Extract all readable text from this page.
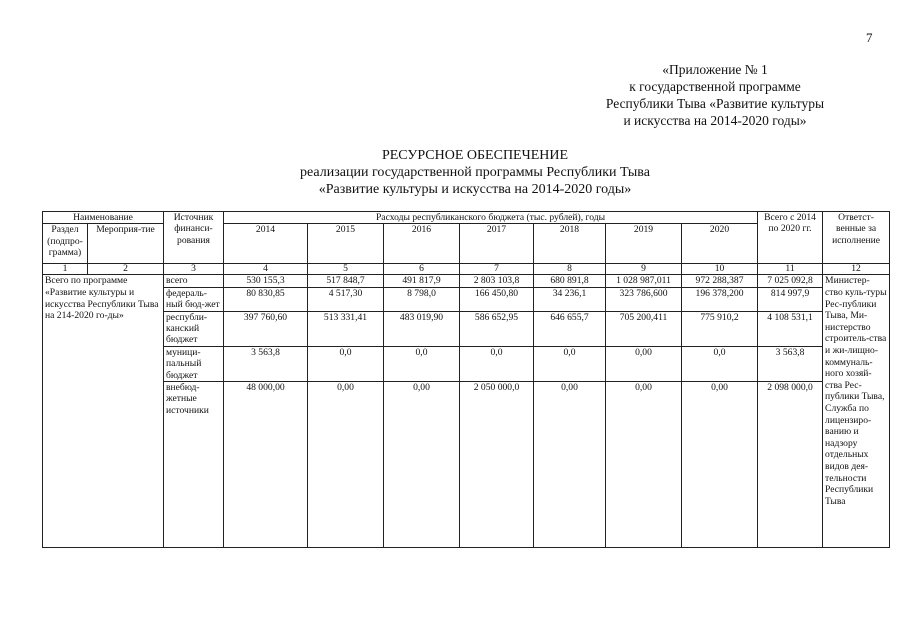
7
«Приложение № 1
к государственной программе
Республики Тыва «Развитие культуры
и искусства на 2014-2020 годы»
РЕСУРСНОЕ ОБЕСПЕЧЕНИЕ
реализации государственной программы Республики Тыва
«Развитие культуры и искусства на 2014-2020 годы»
Наименование		Источник финанси-рования	Расходы республиканского бюджета (тыс. рублей), годы							Всего с 2014 по 2020 гг.	Ответст-венные за исполнение
Раздел (подпро-грамма)	Мероприя-тие		2014	2015	2016	2017	2018	2019	2020		
1	2	3	4	5	6	7	8	9	10	11	12
Всего по программе «Развитие культуры и искусства Республики Тыва на 214-2020 го-ды»		всего	530 155,3	517 848,7	491 817,9	2 803 103,8	680 891,8	1 028 987,011	972 288,387	7 025 092,8	Министер-ство куль-туры Рес-публики Тыва, Ми-нистерство строитель-ства и жи-лищно-коммуналь-ного хозяй-ства Рес-публики Тыва, Служба по лицензиро-ванию и надзору отдельных видов дея-тельности Республики Тыва
		федераль-ный бюд-жет	80 830,85	4 517,30	8 798,0	166 450,80	34 236,1	323 786,600	196 378,200	814 997,9	
		республи-канский бюджет	397 760,60	513 331,41	483 019,90	586 652,95	646 655,7	705 200,411	775 910,2	4 108 531,1	
		муници-пальный бюджет	3 563,8	0,0	0,0	0,0	0,0	0,00	0,0	3 563,8	
		внебюд-жетные источники	48 000,00	0,00	0,00	2 050 000,0	0,00	0,00	0,00	2 098 000,0	
